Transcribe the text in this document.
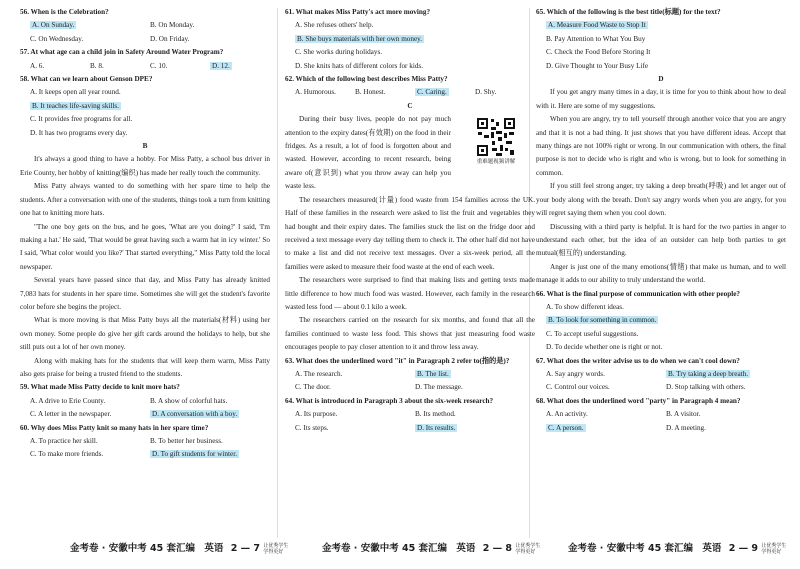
​
56. When is the Celebration?
A. On Sunday.	B. On Monday.
C. On Wednesday.	D. On Friday.
57. At what age can a child join in Safety Around Water Program?
A. 6.	B. 8.	C. 10.	D. 12.
58. What can we learn about Genson DPE?
A. It keeps open all year round.
B. It teaches life-saving skills.
C. It provides free programs for all.
D. It has two programs every day.
B

It's always a good thing to have a hobby. For Miss Patty, a school bus driver in Erie County, her hobby of knitting(编织) has made her really touch the community.

Miss Patty always wanted to do something with her spare time to help the students. After a conversation with one of the students, things took a turn from knitting one hat to knitting more hats.

"The one boy gets on the bus, and he goes, 'What are you doing?' I said, 'I'm making a hat.' He said, 'That would be great having such a warm hat in icy winter.' So I said, 'What color would you like?' That started everything," Miss Patty told the local newspaper.

Several years have passed since that day, and Miss Patty has already knitted 7,083 hats for students in her spare time. Sometimes she will get the student's favorite color before she begins the project.

What is more moving is that Miss Patty buys all the materials(材料) using her own money. Some people do give her gift cards around the holidays to help, but she still puts out a lot of her own money.

Along with making hats for the students that will keep them warm, Miss Patty also gets praise for being a trusted friend to the students.

59. What made Miss Patty decide to knit more hats?
A. A drive to Erie County.	B. A show of colorful hats.
C. A letter in the newspaper.	D. A conversation with a boy.
60. Why does Miss Patty knit so many hats in her spare time?
A. To practice her skill.	B. To better her business.
C. To make more friends.	D. To gift students for winter.
61. What makes Miss Patty's act more moving?
A. She refuses others' help.
B. She buys materials with her own money.
C. She works during holidays.
D. She knits hats of different colors for kids.
62. Which of the following best describes Miss Patty?
A. Humorous.	B. Honest.	C. Caring.	D. Shy.
C
重难题视频讲解

During their busy lives, people do not pay much attention to the expiry dates(有效期) on the food in their fridges. As a result, a lot of food is forgotten about and wasted. However, according to recent research, being aware of(意识到) what you throw away can help you waste less.

The researchers measured(计量) food waste from 154 families across the UK. Half of these families in the research were asked to list the fruit and vegetables they had bought and their expiry dates. The families stuck the list on the fridge door and received a text message every day telling them to check it. The other half did not have to make a list and did not receive text messages. Over a six-week period, all the families were asked to measure their food waste at the end of each week.

The researchers were surprised to find that making lists and getting texts made little difference to how much food was wasted. However, each family in the research wasted less food — about 0.1 kilo a week.

The researchers carried on the research for six months, and found that all the families continued to waste less food. This shows that just measuring food waste encourages people to pay closer attention to it and throw less away.

63. What does the underlined word "it" in Paragraph 2 refer to(指的是)?
A. The research.	B. The list.
C. The door.	D. The message.
64. What is introduced in Paragraph 3 about the six-week research?
A. Its purpose.	B. Its method.
C. Its steps.	D. Its results.
65. Which of the following is the best title(标题) for the text?
A. Measure Food Waste to Stop It
B. Pay Attention to What You Buy
C. Check the Food Before Storing It
D. Give Thought to Your Busy Life
D

If you get angry many times in a day, it is time for you to think about how to deal with it. Here are some of my suggestions.

When you are angry, try to tell yourself through another voice that you are angry and that it is not a bad thing. It just shows that you have different ideas. Accept that many things are not 100% right or wrong. In our communication with others, the final purpose is not to decide who is right and who is wrong, but to look for something in common.

If you still feel strong anger, try taking a deep breath(呼吸) and let anger out of your body along with the breath. Don't say angry words when you are angry, for you will regret saying them when you cool down.

Discussing with a third party is helpful. It is hard for the two parties in anger to understand each other, but the idea of an outsider can help both parties to get mutual(相互的) understanding.

Anger is just one of the many emotions(情绪) that make us human, and to well manage it adds to our ability to truly understand the world.

66. What is the final purpose of communication with other people?
A. To show different ideas.
B. To look for something in common.
C. To accept useful suggestions.
D. To decide whether one is right or not.
67. What does the writer advise us to do when we can't cool down?
A. Say angry words.	B. Try taking a deep breath.
C. Control our voices.	D. Stop talking with others.
68. What does the underlined word "party" in Paragraph 4 mean?
A. An activity.	B. A visitor.
C. A person.	D. A meeting.
金考卷 · 安徽中考 45 套汇编 英语 2 — 7 让优秀学生
学得更好	金考卷 · 安徽中考 45 套汇编 英语 2 — 8 让优秀学生
学得更好	金考卷 · 安徽中考 45 套汇编 英语 2 — 9 让优秀学生
学得更好
